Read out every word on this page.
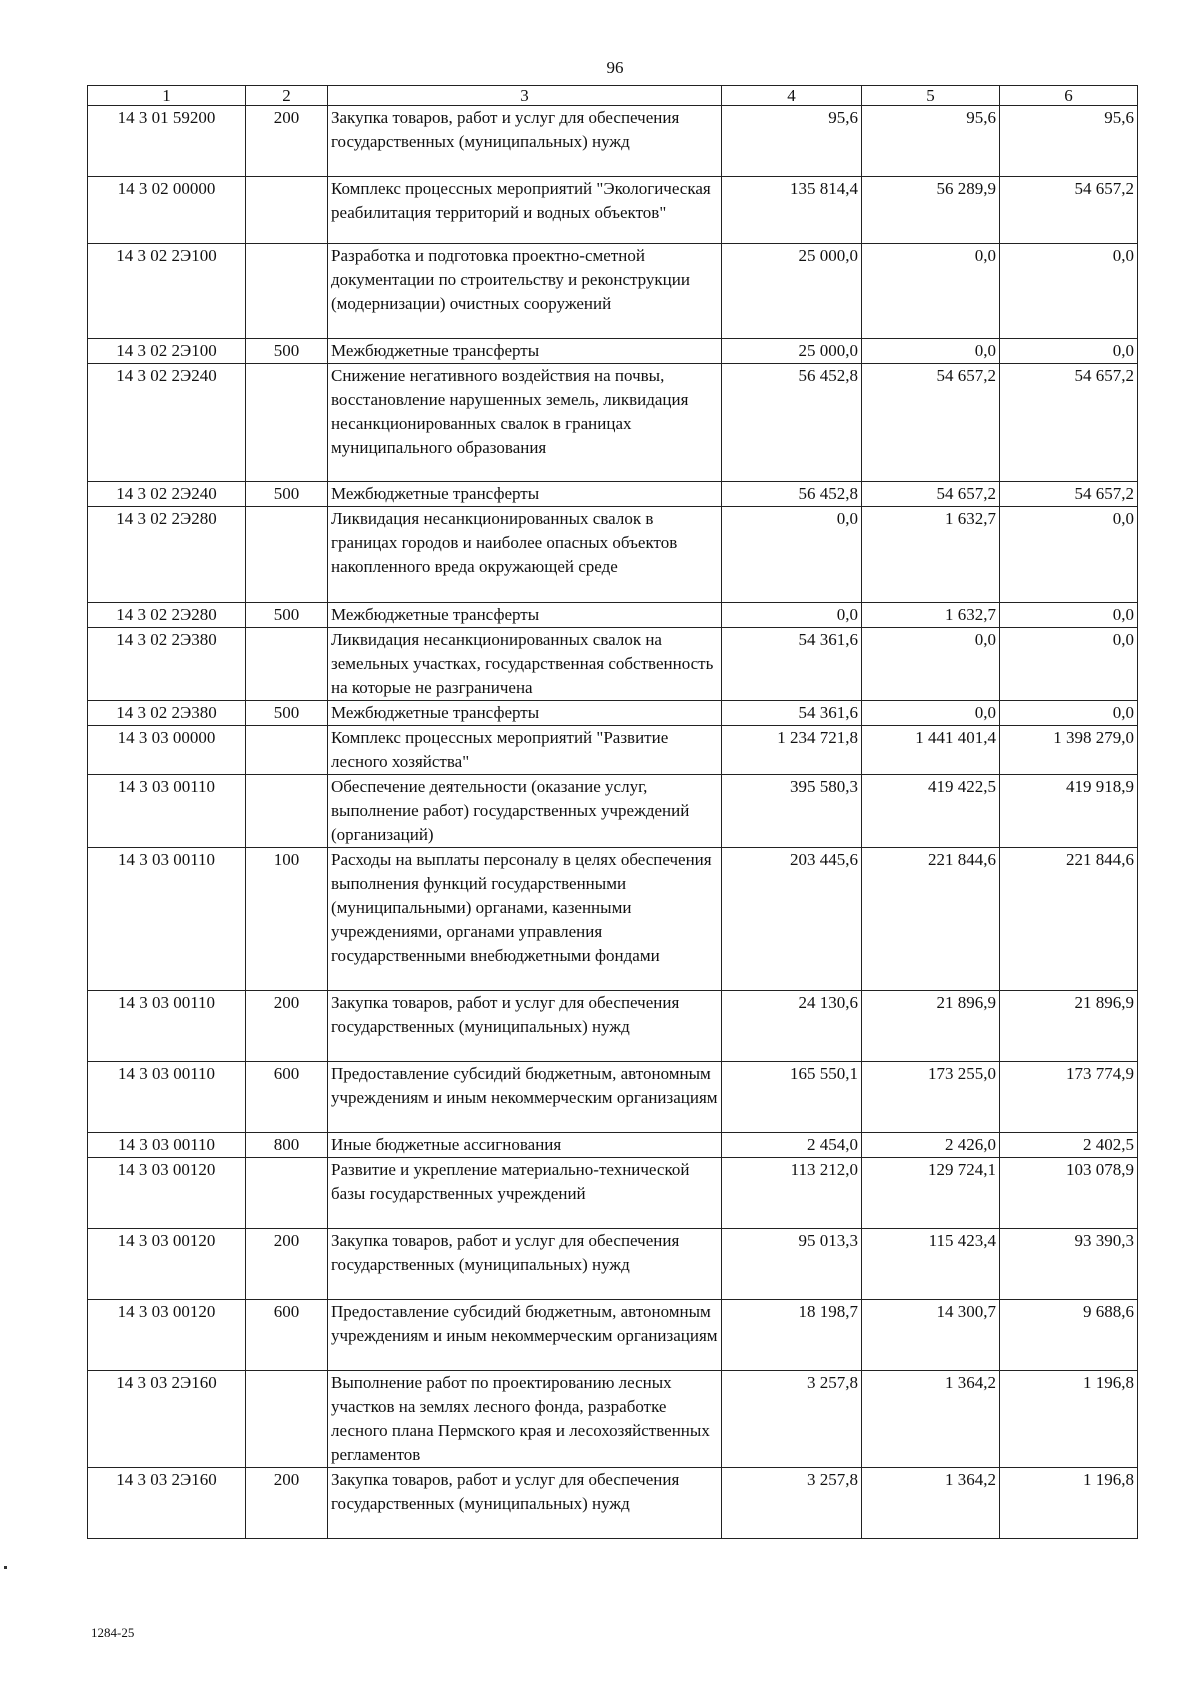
96
1	2	3	4	5	6
14 3 01 59200	200	Закупка товаров, работ и услуг для обеспечения государственных (муниципальных) нужд	95,6	95,6	95,6
14 3 02 00000		Комплекс процессных мероприятий "Экологическая реабилитация территорий и водных объектов"	135 814,4	56 289,9	54 657,2
14 3 02 2Э100		Разработка и подготовка проектно-сметной документации по строительству и реконструкции (модернизации) очистных сооружений	25 000,0	0,0	0,0
14 3 02 2Э100	500	Межбюджетные трансферты	25 000,0	0,0	0,0
14 3 02 2Э240		Снижение негативного воздействия на почвы, восстановление нарушенных земель, ликвидация несанкционированных свалок в границах муниципального образования	56 452,8	54 657,2	54 657,2
14 3 02 2Э240	500	Межбюджетные трансферты	56 452,8	54 657,2	54 657,2
14 3 02 2Э280		Ликвидация несанкционированных свалок в границах городов и наиболее опасных объектов накопленного вреда окружающей среде	0,0	1 632,7	0,0
14 3 02 2Э280	500	Межбюджетные трансферты	0,0	1 632,7	0,0
14 3 02 2Э380		Ликвидация несанкционированных свалок на земельных участках, государственная собственность на которые не разграничена	54 361,6	0,0	0,0
14 3 02 2Э380	500	Межбюджетные трансферты	54 361,6	0,0	0,0
14 3 03 00000		Комплекс процессных мероприятий "Развитие лесного хозяйства"	1 234 721,8	1 441 401,4	1 398 279,0
14 3 03 00110		Обеспечение деятельности (оказание услуг, выполнение работ) государственных учреждений (организаций)	395 580,3	419 422,5	419 918,9
14 3 03 00110	100	Расходы на выплаты персоналу в целях обеспечения выполнения функций государственными (муниципальными) органами, казенными учреждениями, органами управления государственными внебюджетными фондами	203 445,6	221 844,6	221 844,6
14 3 03 00110	200	Закупка товаров, работ и услуг для обеспечения государственных (муниципальных) нужд	24 130,6	21 896,9	21 896,9
14 3 03 00110	600	Предоставление субсидий бюджетным, автономным учреждениям и иным некоммерческим организациям	165 550,1	173 255,0	173 774,9
14 3 03 00110	800	Иные бюджетные ассигнования	2 454,0	2 426,0	2 402,5
14 3 03 00120		Развитие и укрепление материально-технической базы государственных учреждений	113 212,0	129 724,1	103 078,9
14 3 03 00120	200	Закупка товаров, работ и услуг для обеспечения государственных (муниципальных) нужд	95 013,3	115 423,4	93 390,3
14 3 03 00120	600	Предоставление субсидий бюджетным, автономным учреждениям и иным некоммерческим организациям	18 198,7	14 300,7	9 688,6
14 3 03 2Э160		Выполнение работ по проектированию лесных участков на землях лесного фонда, разработке лесного плана Пермского края и лесохозяйственных регламентов	3 257,8	1 364,2	1 196,8
14 3 03 2Э160	200	Закупка товаров, работ и услуг для обеспечения государственных (муниципальных) нужд	3 257,8	1 364,2	1 196,8
1284-25
